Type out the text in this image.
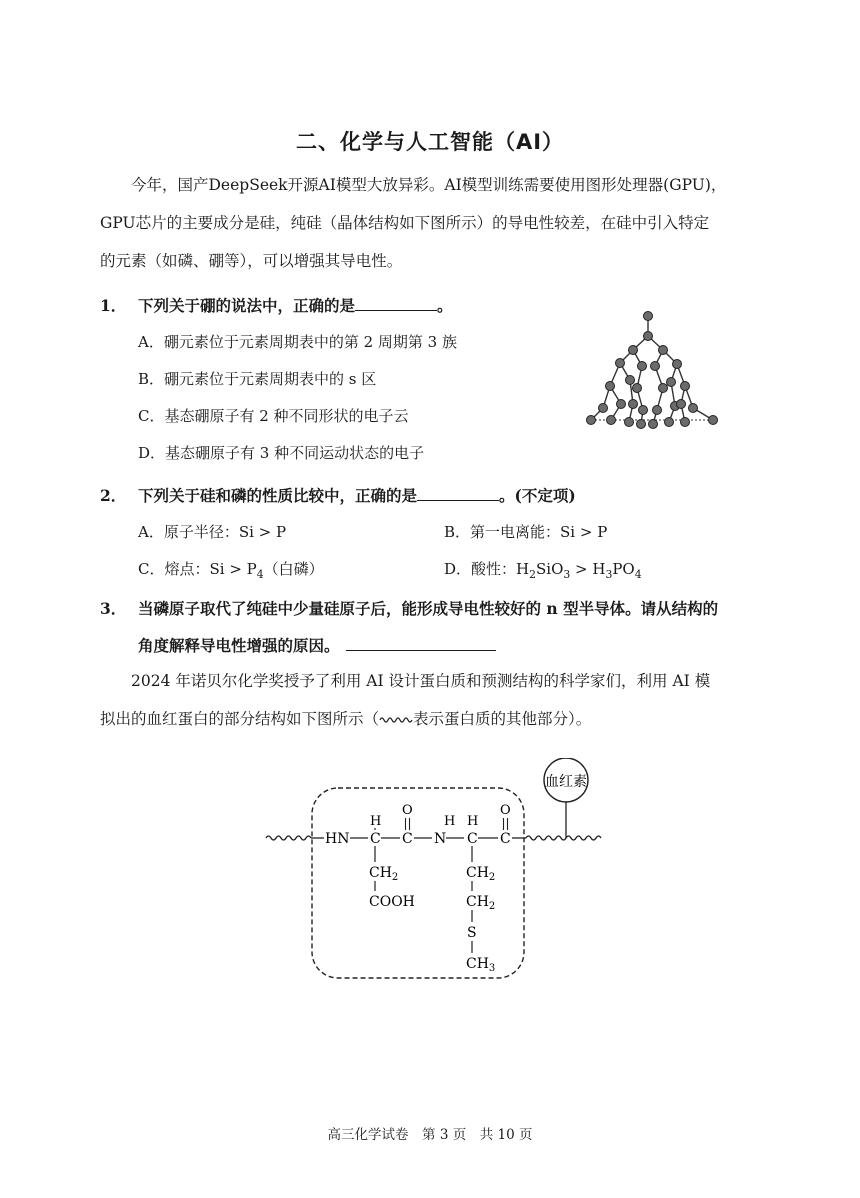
二、化学与人工智能（AI）
今年，国产DeepSeek开源AI模型大放异彩。AI模型训练需要使用图形处理器(GPU)，
GPU芯片的主要成分是硅，纯硅（晶体结构如下图所示）的导电性较差，在硅中引入特定
的元素（如磷、硼等），可以增强其导电性。
1． 下列关于硼的说法中，正确的是	。
A．硼元素位于元素周期表中的第 2 周期第 3 族
B．硼元素位于元素周期表中的 s 区
C．基态硼原子有 2 种不同形状的电子云
D．基态硼原子有 3 种不同运动状态的电子
2． 下列关于硅和磷的性质比较中，正确的是	。(不定项)
A．原子半径：Si > P	B．第一电离能：Si > P
C．熔点：$Si > P_4$（白磷）	D．酸性：$H_2SiO_3 > H_3PO_4$
3． 当磷原子取代了纯硅中少量硅原子后，能形成导电性较好的 n 型半导体。请从结构的
角度解释导电性增强的原因。
2024 年诺贝尔化学奖授予了利用 AI 设计蛋白质和预测结构的科学家们，利用 AI 模
拟出的血红蛋白的部分结构如下图所示（ 表示蛋白质的其他部分）。
血红素
HN C
H
C
O
N
H
C
H
C
O
$CH_2$
COOH
$CH_2$
$CH_2$
S
$CH_3$
高三化学试卷　第 3 页　共 10 页
